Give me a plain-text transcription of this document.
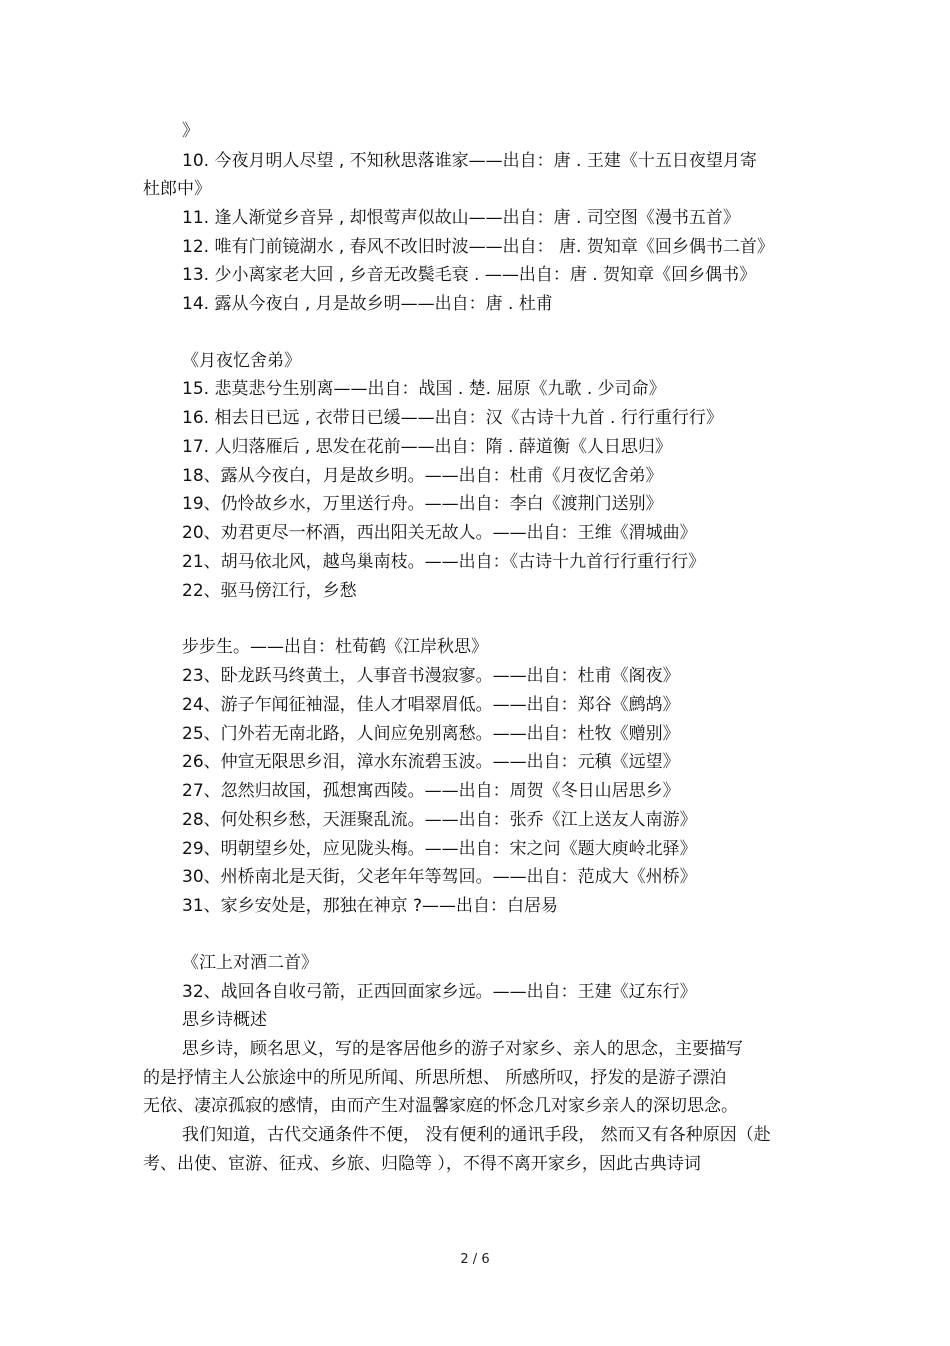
》
10. 今夜月明人尽望 , 不知秋思落谁家——出自：唐 . 王建《十五日夜望月寄
杜郎中》
11. 逢人渐觉乡音异 , 却恨莺声似故山——出自：唐 . 司空图《漫书五首》
12. 唯有门前镜湖水 , 春风不改旧时波——出自： 唐. 贺知章《回乡偶书二首》
13. 少小离家老大回 , 乡音无改鬓毛衰 . ——出自：唐 . 贺知章《回乡偶书》
14. 露从今夜白 , 月是故乡明——出自：唐 . 杜甫
《月夜忆舍弟》
15. 悲莫悲兮生别离——出自：战国 . 楚. 屈原《九歌 . 少司命》
16. 相去日已远 , 衣带日已缓——出自：汉《古诗十九首 . 行行重行行》
17. 人归落雁后 , 思发在花前——出自：隋 . 薛道衡《人日思归》
18、露从今夜白，月是故乡明。——出自：杜甫《月夜忆舍弟》
19、仍怜故乡水，万里送行舟。——出自：李白《渡荆门送别》
20、劝君更尽一杯酒，西出阳关无故人。——出自：王维《渭城曲》
21、胡马依北风，越鸟巢南枝。——出自：《古诗十九首行行重行行》
22、驱马傍江行，乡愁
步步生。——出自：杜荀鹤《江岸秋思》
23、卧龙跃马终黄土，人事音书漫寂寥。——出自：杜甫《阁夜》
24、游子乍闻征袖湿，佳人才唱翠眉低。——出自：郑谷《鹧鸪》
25、门外若无南北路，人间应免别离愁。——出自：杜牧《赠别》
26、仲宣无限思乡泪，漳水东流碧玉波。——出自：元稹《远望》
27、忽然归故国，孤想寓西陵。——出自：周贺《冬日山居思乡》
28、何处积乡愁，天涯聚乱流。——出自：张乔《江上送友人南游》
29、明朝望乡处，应见陇头梅。——出自：宋之问《题大庾岭北驿》
30、州桥南北是天街，父老年年等驾回。——出自：范成大《州桥》
31、家乡安处是，那独在神京 ?——出自：白居易
《江上对酒二首》
32、战回各自收弓箭，正西回面家乡远。——出自：王建《辽东行》
思乡诗概述
思乡诗，顾名思义，写的是客居他乡的游子对家乡、亲人的思念，主要描写
的是抒情主人公旅途中的所见所闻、所思所想、 所感所叹，抒发的是游子漂泊
无依、凄凉孤寂的感情，由而产生对温馨家庭的怀念几对家乡亲人的深切思念。
我们知道，古代交通条件不便， 没有便利的通讯手段， 然而又有各种原因（赴
考、出使、宦游、征戎、乡旅、归隐等 ），不得不离开家乡，因此古典诗词
2 / 6
